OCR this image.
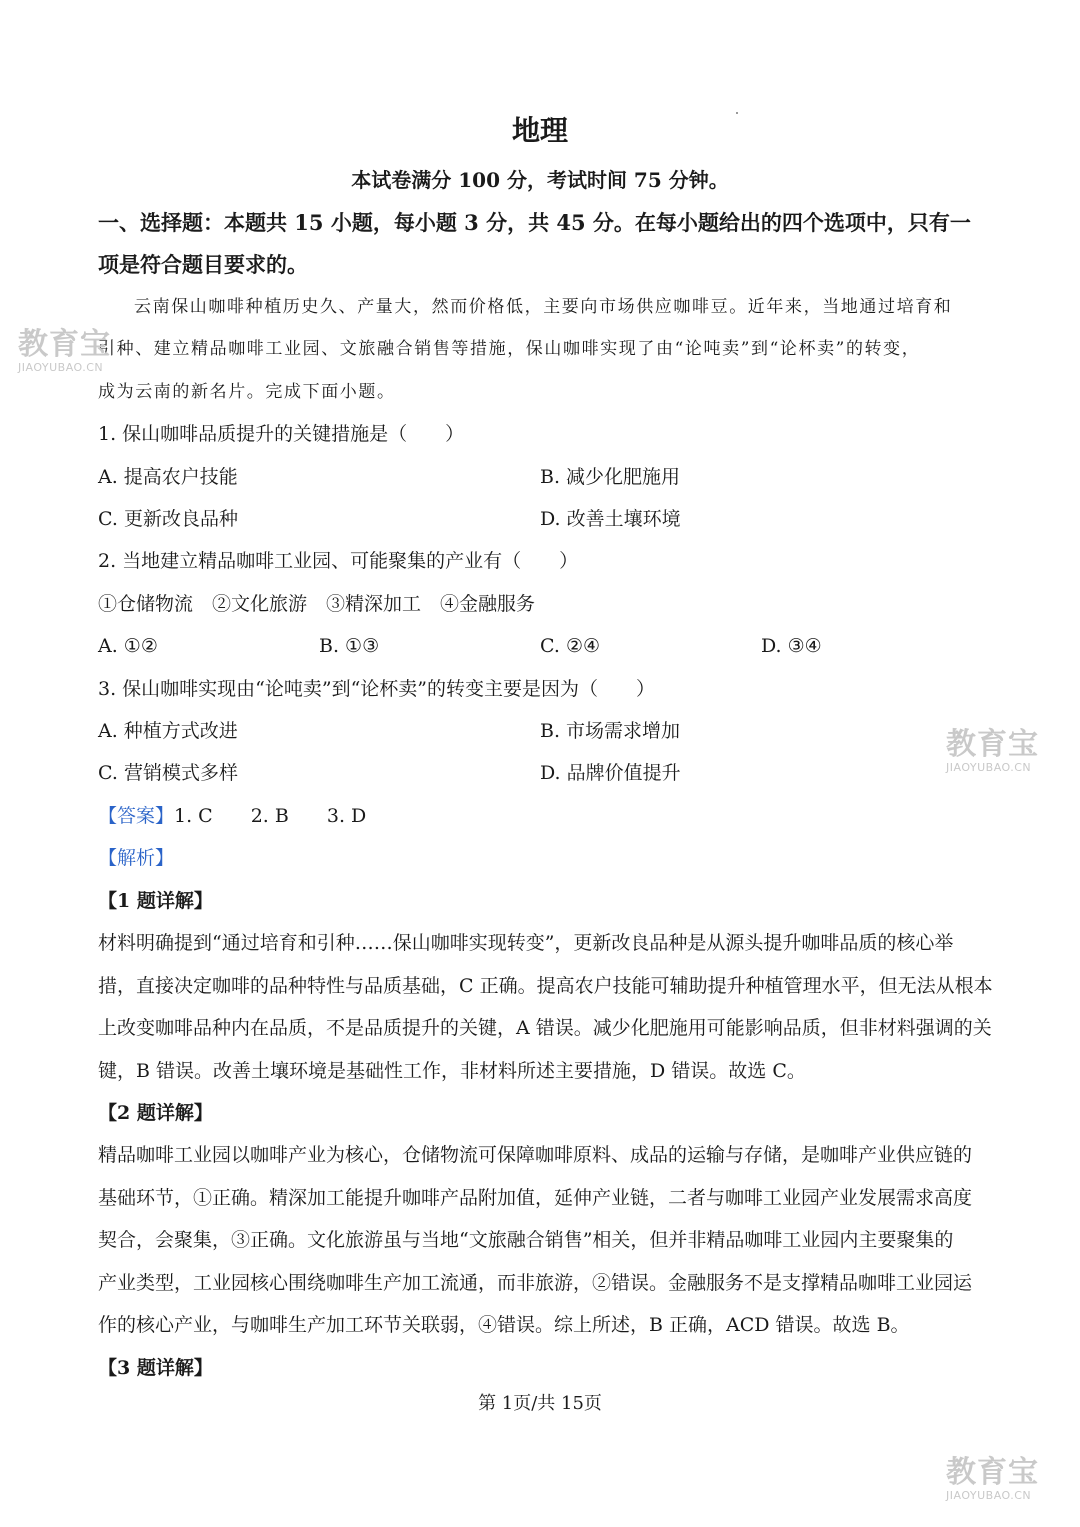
地理
本试卷满分 100 分，考试时间 75 分钟。
一、选择题：本题共 15 小题，每小题 3 分，共 45 分。在每小题给出的四个选项中，只有一
项是符合题目要求的。
云南保山咖啡种植历史久、产量大，然而价格低，主要向市场供应咖啡豆。近年来，当地通过培育和
引种、建立精品咖啡工业园、文旅融合销售等措施，保山咖啡实现了由“论吨卖”到“论杯卖”的转变，
成为云南的新名片。完成下面小题。
1. 保山咖啡品质提升的关键措施是（　　）
A. 提高农户技能	B. 减少化肥施用
C. 更新改良品种	D. 改善土壤环境
2. 当地建立精品咖啡工业园、可能聚集的产业有（　　）
①仓储物流　②文化旅游　③精深加工　④金融服务
A. ①②	B. ①③	C. ②④	D. ③④
3. 保山咖啡实现由“论吨卖”到“论杯卖”的转变主要是因为（　　）
A. 种植方式改进	B. 市场需求增加
C. 营销模式多样	D. 品牌价值提升
【答案】1. C　　2. B　　3. D
【解析】
【1 题详解】
材料明确提到“通过培育和引种……保山咖啡实现转变”，更新改良品种是从源头提升咖啡品质的核心举
措，直接决定咖啡的品种特性与品质基础，C 正确。提高农户技能可辅助提升种植管理水平，但无法从根本
上改变咖啡品种内在品质，不是品质提升的关键，A 错误。减少化肥施用可能影响品质，但非材料强调的关
键，B 错误。改善土壤环境是基础性工作，非材料所述主要措施，D 错误。故选 C。
【2 题详解】
精品咖啡工业园以咖啡产业为核心，仓储物流可保障咖啡原料、成品的运输与存储，是咖啡产业供应链的
基础环节，①正确。精深加工能提升咖啡产品附加值，延伸产业链，二者与咖啡工业园产业发展需求高度
契合，会聚集，③正确。文化旅游虽与当地“文旅融合销售”相关，但并非精品咖啡工业园内主要聚集的
产业类型，工业园核心围绕咖啡生产加工流通，而非旅游，②错误。金融服务不是支撑精品咖啡工业园运
作的核心产业，与咖啡生产加工环节关联弱，④错误。综上所述，B 正确，ACD 错误。故选 B。
【3 题详解】
第 1页/共 15页
教育宝
JIAOYUBAO.CN
教育宝
JIAOYUBAO.CN
教育宝
JIAOYUBAO.CN
